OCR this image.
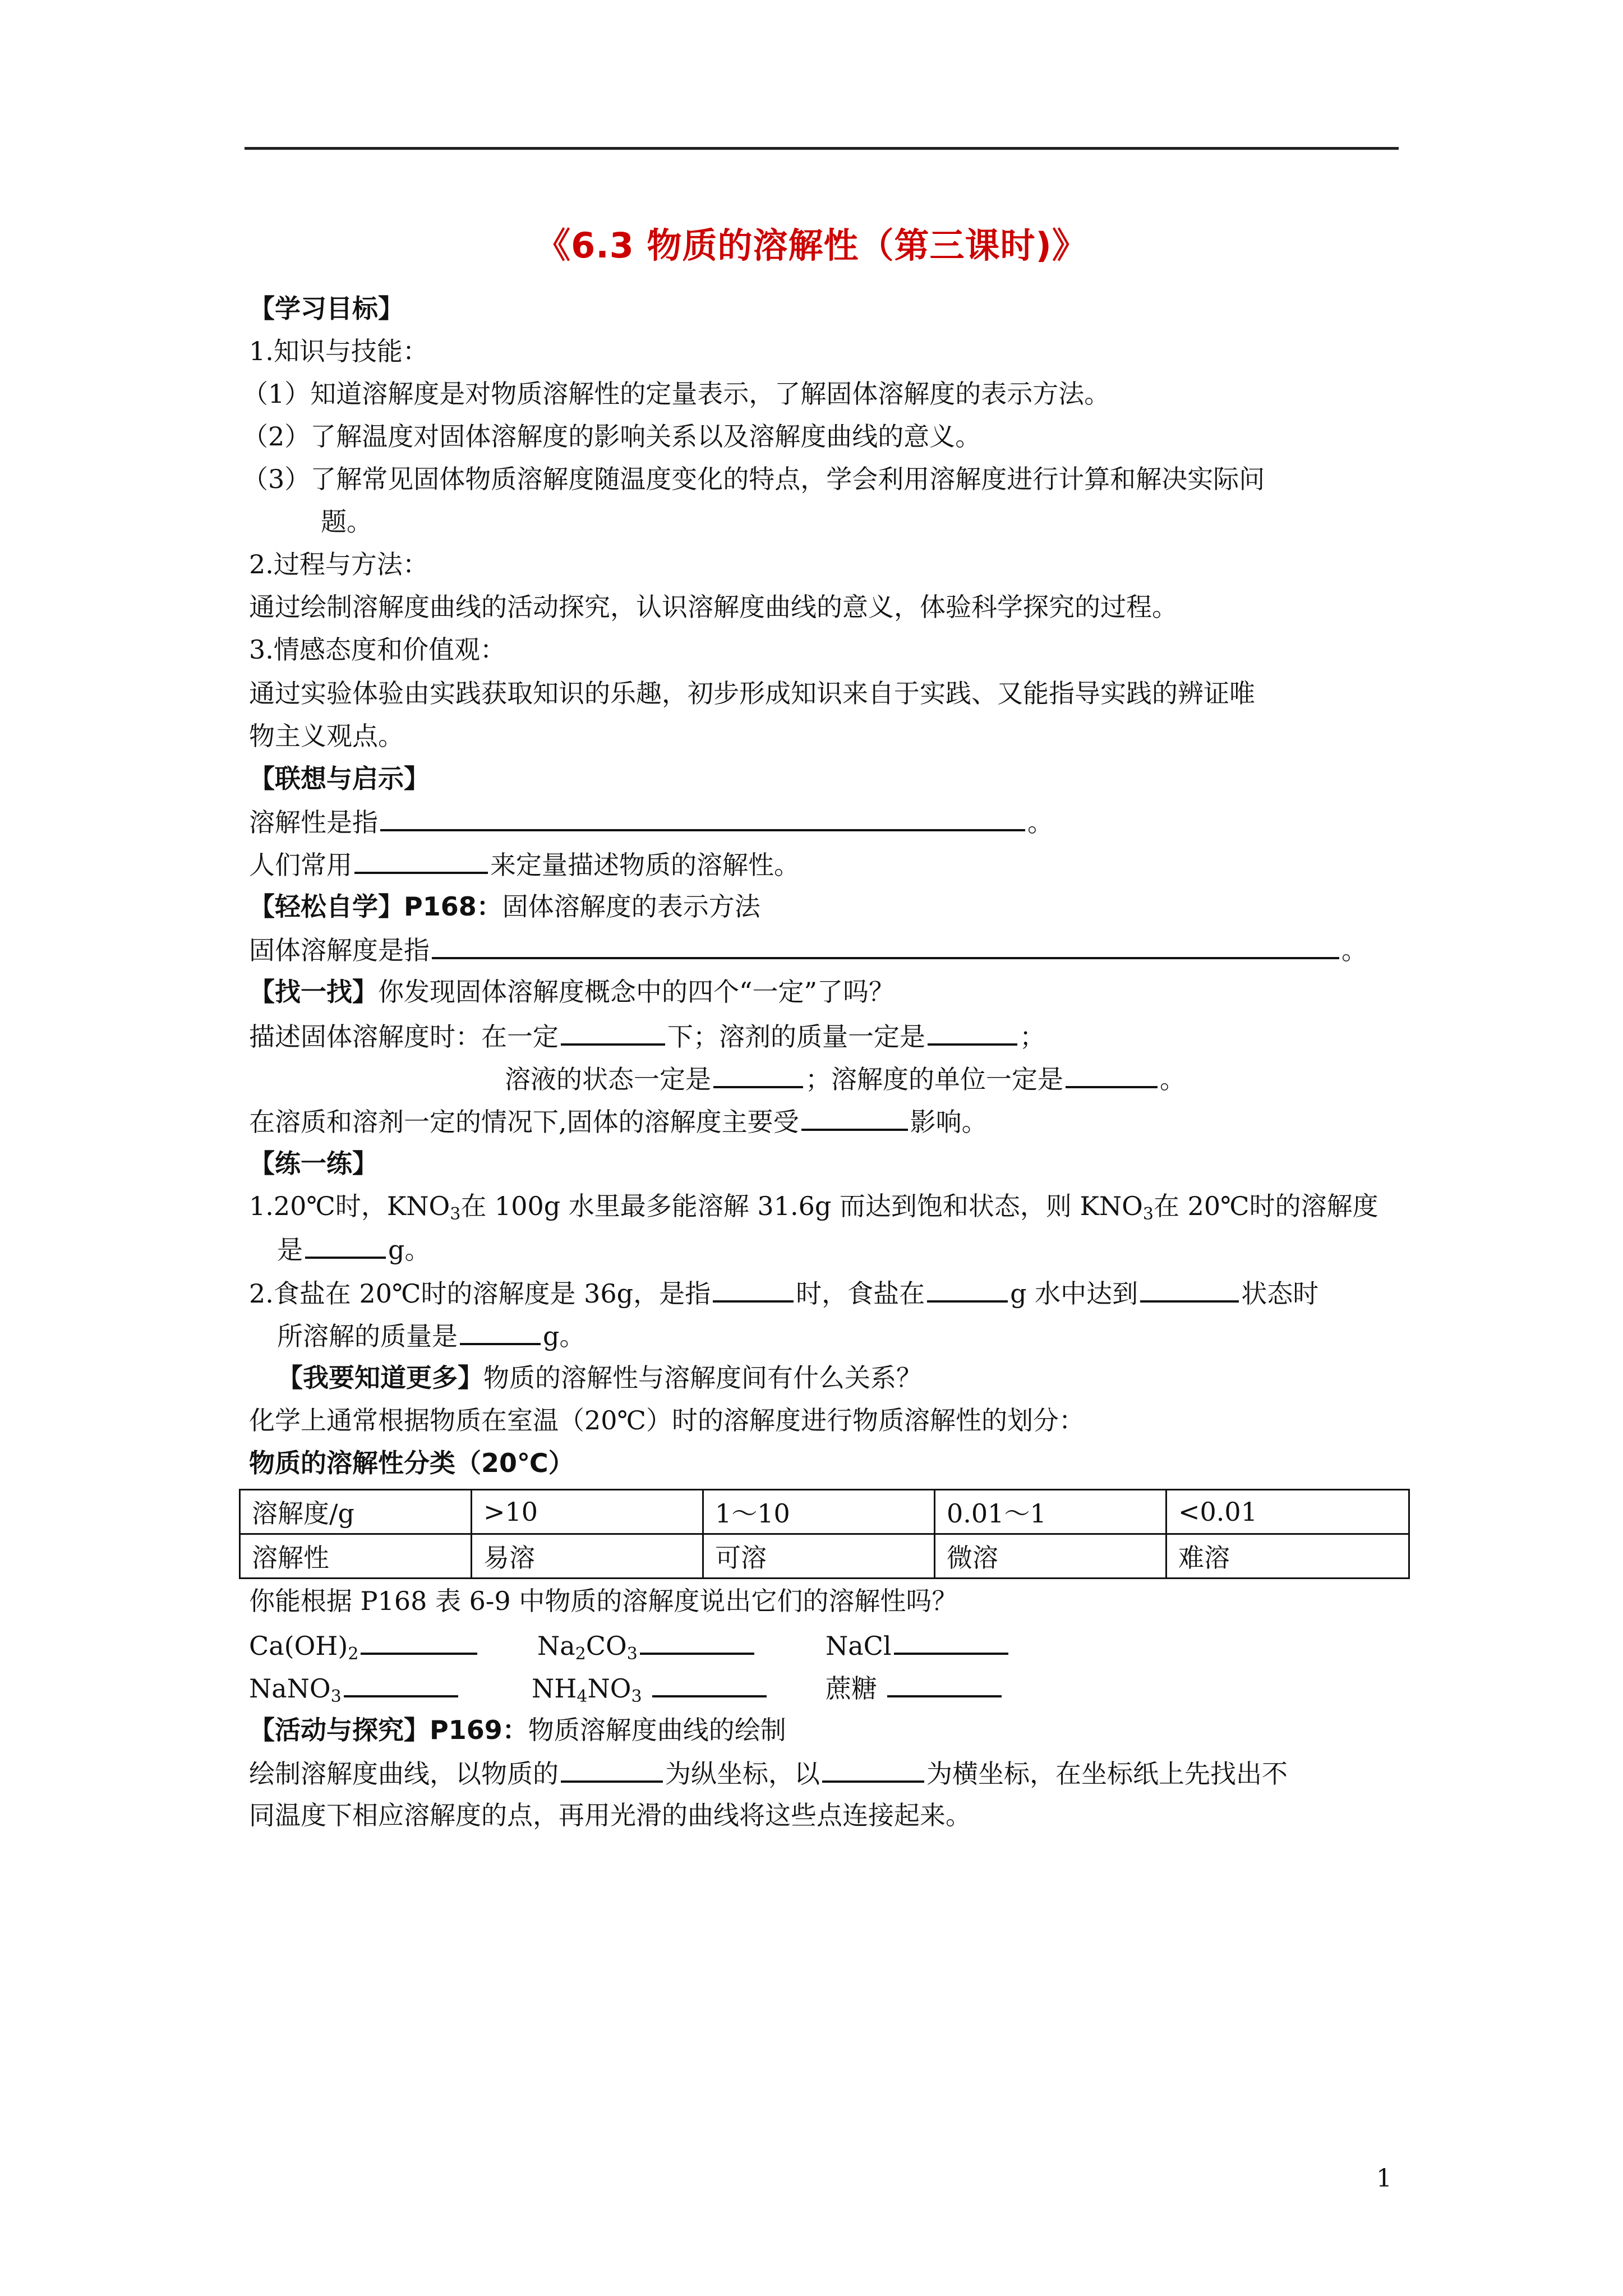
《6.3 物质的溶解性（第三课时)》
【学习目标】
1.知识与技能：
（1）知道溶解度是对物质溶解性的定量表示，了解固体溶解度的表示方法。
（2）了解温度对固体溶解度的影响关系以及溶解度曲线的意义。
（3）了解常见固体物质溶解度随温度变化的特点，学会利用溶解度进行计算和解决实际问
题。
2.过程与方法：
通过绘制溶解度曲线的活动探究，认识溶解度曲线的意义，体验科学探究的过程。
3.情感态度和价值观：
通过实验体验由实践获取知识的乐趣，初步形成知识来自于实践、又能指导实践的辨证唯
物主义观点。
【联想与启示】
溶解性是指	。
人们常用	来定量描述物质的溶解性。
【轻松自学】P168：固体溶解度的表示方法
固体溶解度是指	。
【找一找】你发现固体溶解度概念中的四个“一定”了吗？
描述固体溶解度时：在一定	下；溶剂的质量一定是	；
溶液的状态一定是	；溶解度的单位一定是	。
在溶质和溶剂一定的情况下,固体的溶解度主要受	影响。
【练一练】
1.20℃时，$KNO_3$在 100g 水里最多能溶解 31.6g 而达到饱和状态，则 $KNO_3$在 20℃时的溶解度
是	g。
2.食盐在 20℃时的溶解度是 36g，是指	时，食盐在	g 水中达到	状态时
所溶解的质量是	g。
【我要知道更多】物质的溶解性与溶解度间有什么关系？
化学上通常根据物质在室温（20℃）时的溶解度进行物质溶解性的划分：
物质的溶解性分类（20℃）
溶解度/g	>10	1～10	0.01～1	<0.01
溶解性	易溶	可溶	微溶	难溶
你能根据 P168 表 6-9 中物质的溶解度说出它们的溶解性吗？
$Ca(OH)_2$	$Na_2CO_3$	NaCl
NaNO$_3$	$NH_4NO_3$	蔗糖
【活动与探究】P169：物质溶解度曲线的绘制
绘制溶解度曲线，以物质的	为纵坐标，以	为横坐标，在坐标纸上先找出不
同温度下相应溶解度的点，再用光滑的曲线将这些点连接起来。
1
